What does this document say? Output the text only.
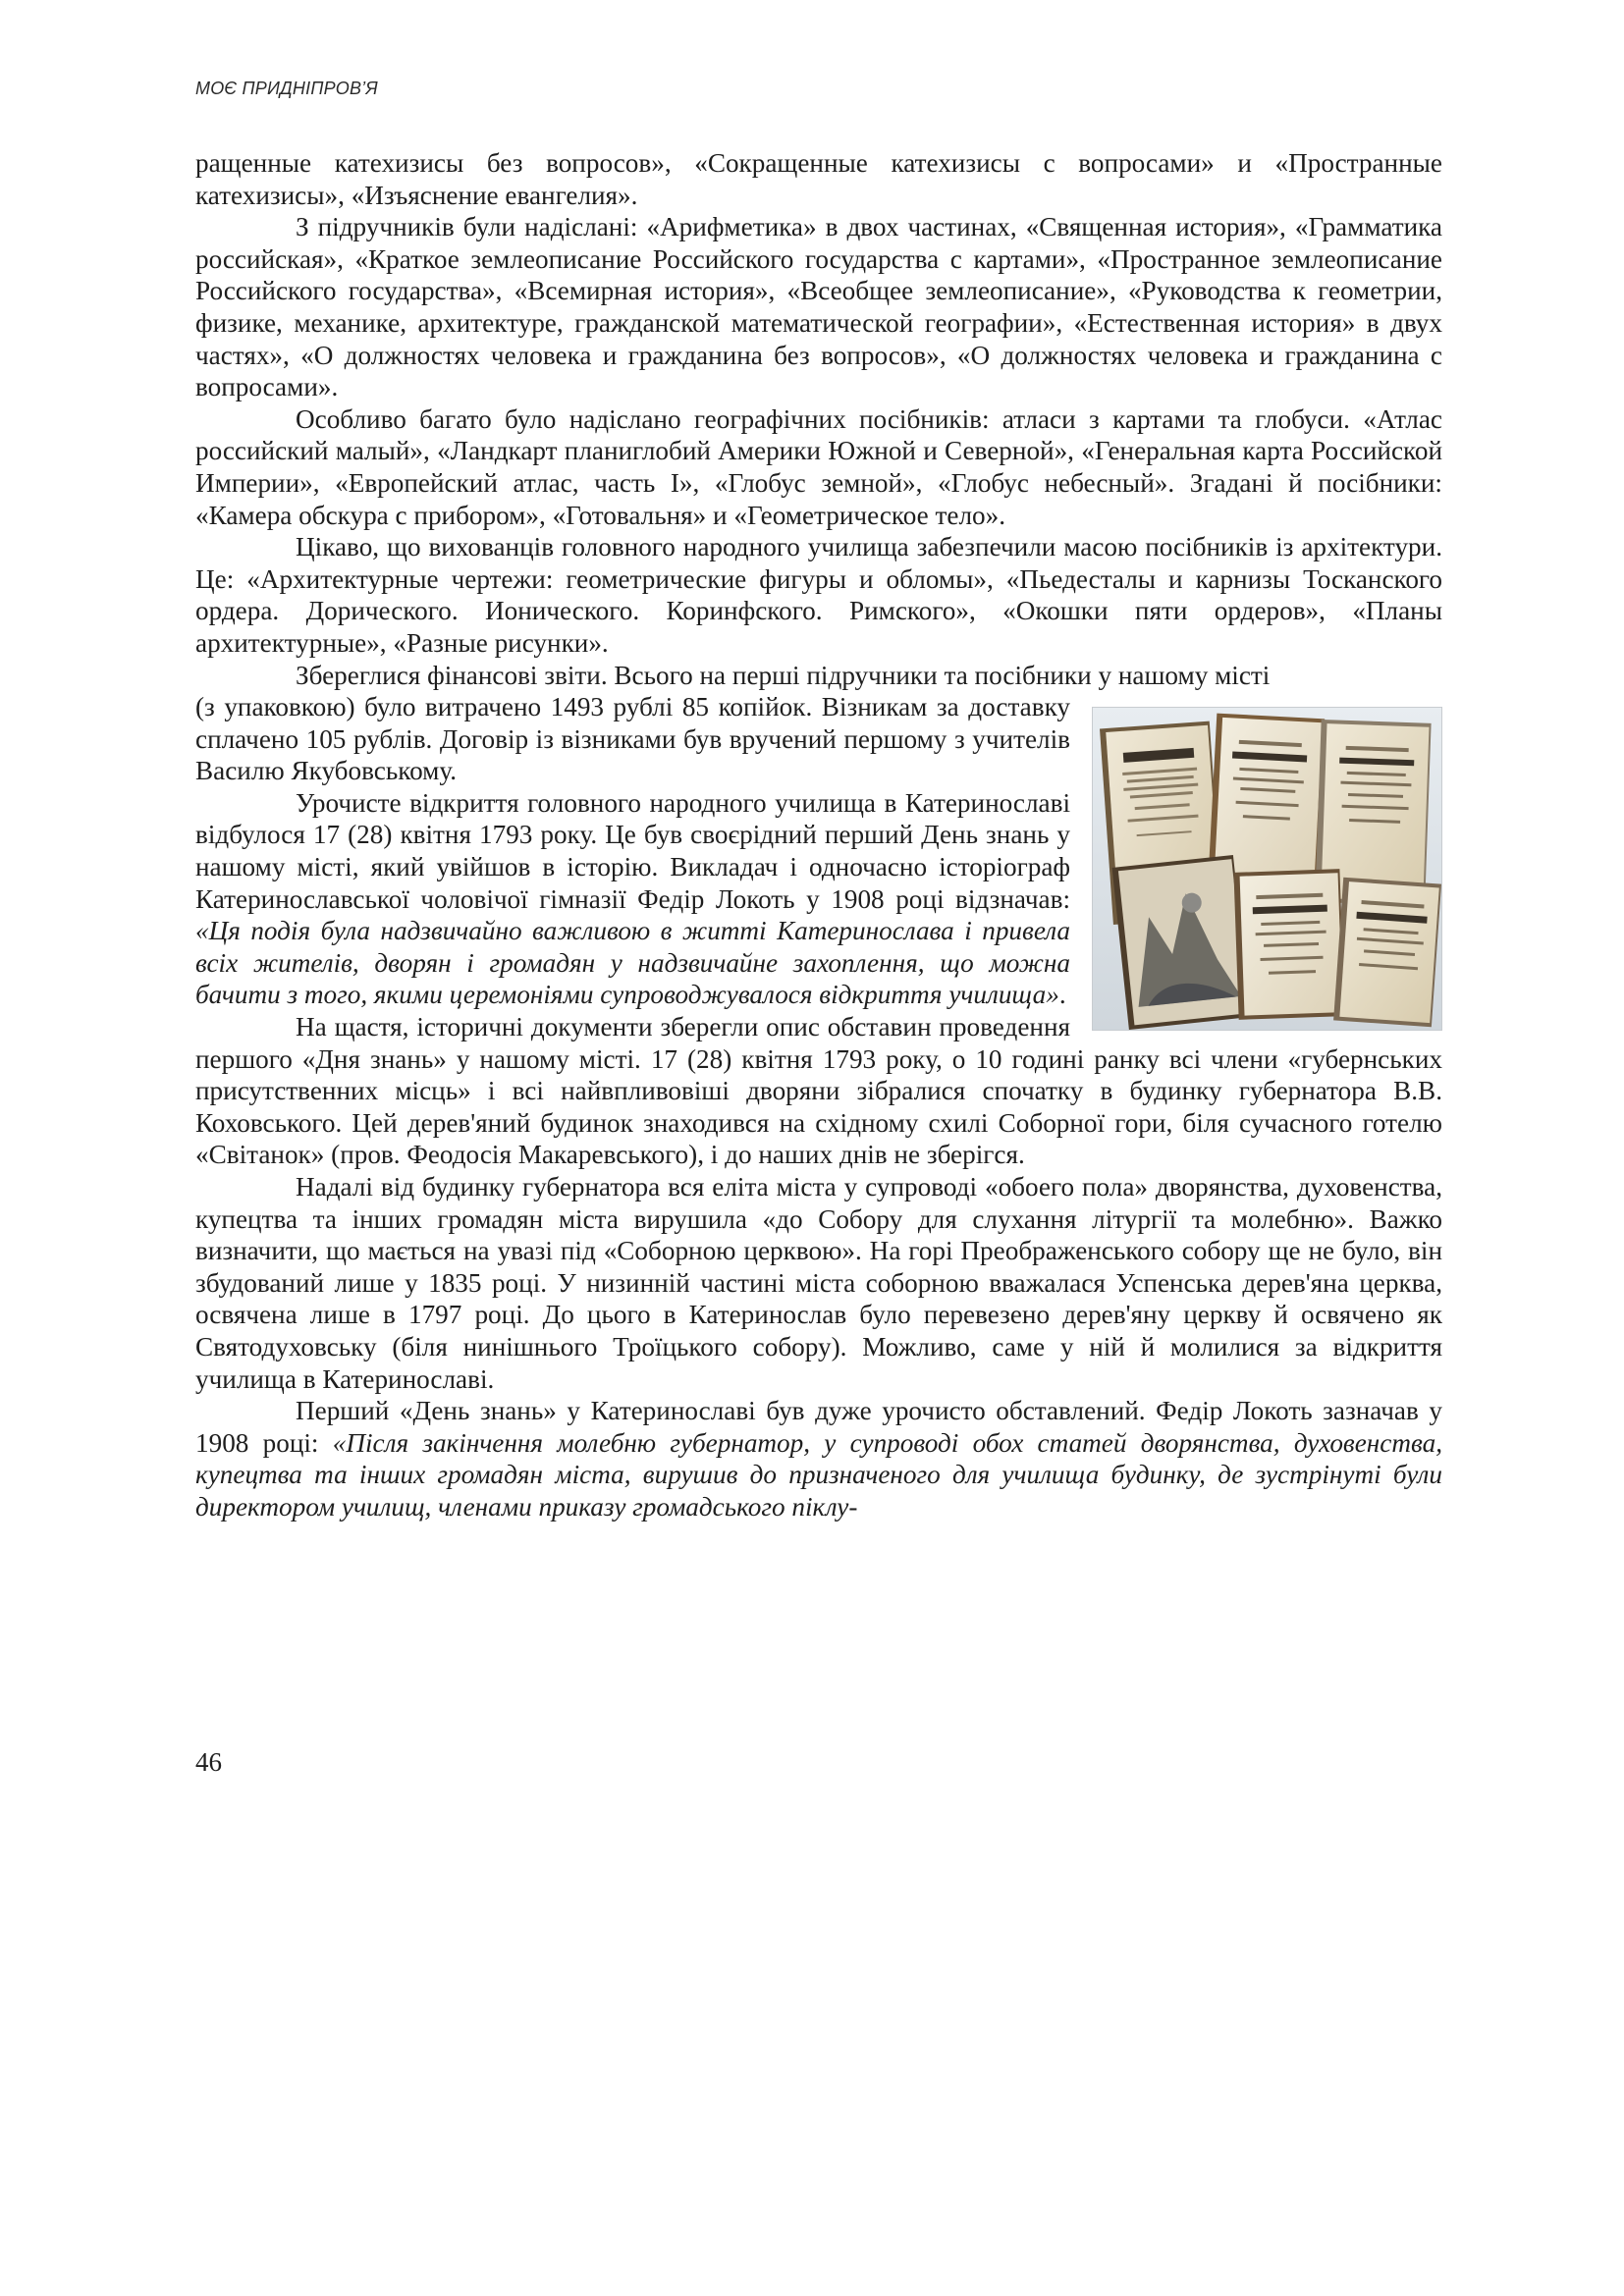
МОЄ ПРИДНІПРОВ’Я

ращенные катехизисы без вопросов», «Сокращенные катехизисы с вопросами» и «Пространные катехизисы», «Изъяснение евангелия».

З підручників були надіслані: «Арифметика» в двох частинах, «Священная история», «Грамматика российская», «Краткое землеописание Российского государства с картами», «Пространное землеописание Российского государства», «Всемирная история», «Всеобщее землеописание», «Руководства к геометрии, физике, механике, архитектуре, гражданской математической географии», «Естественная история» в двух частях», «О должностях человека и гражданина без вопросов», «О должностях человека и гражданина с вопросами».

Особливо багато було надіслано географічних посібників: атласи з картами та глобуси. «Атлас российский малый», «Ландкарт планиглобий Америки Южной и Северной», «Генеральная карта Российской Империи», «Европейский атлас, часть I», «Глобус земной», «Глобус небесный». Згадані й посібники: «Камера обскура с прибором», «Готовальня» и «Геометрическое тело».

Цікаво, що вихованців головного народного училища забезпечили масою посібників із архітектури. Це: «Архитектурные чертежи: геометрические фигуры и обломы», «Пьедесталы и карнизы Тосканского ордера. Дорического. Ионического. Коринфского. Римского», «Окошки пяти ордеров», «Планы архитектурные», «Разные рисунки».

Збереглися фінансові звіти. Всього на перші підручники та посібники у нашому місті

(з упаковкою) було витрачено 1493 рублі 85 копійок. Візникам за доставку сплачено 105 рублів. Договір із візниками був вручений першому з учителів Василю Якубовському.

Урочисте відкриття головного народного училища в Катеринославі відбулося 17 (28) квітня 1793 року. Це був своєрідний перший День знань у нашому місті, який увійшов в історію. Викладач і одночасно історіограф Катеринославської чоловічої гімназії Федір Локоть у 1908 році відзначав: «Ця подія була надзвичайно важливою в житті Катеринослава і привела всіх жителів, дворян і громадян у надзвичайне захоплення, що можна бачити з того, якими церемоніями супроводжувалося відкриття училища».

На щастя, історичні документи зберегли опис обставин проведення першого «Дня знань» у нашому місті. 17 (28) квітня 1793 року, о 10 годині ранку всі члени «губернських присутственних місць» і всі найвпливовіші дворяни зібралися спочатку в будинку губернатора В.В. Коховського. Цей дерев'яний будинок знаходився на східному схилі Соборної гори, біля сучасного готелю «Світанок» (пров. Феодосія Макаревського), і до наших днів не зберігся.

Надалі від будинку губернатора вся еліта міста у супроводі «обоего пола» дворянства, духовенства, купецтва та інших громадян міста вирушила «до Собору для слухання літургії та молебню». Важко визначити, що мається на увазі під «Соборною церквою». На горі Преображенського собору ще не було, він збудований лише у 1835 році. У низинній частині міста соборною вважалася Успенська дерев'яна церква, освячена лише в 1797 році. До цього в Катеринослав було перевезено дерев'яну церкву й освячено як Святодуховську (біля нинішнього Троїцького собору). Можливо, саме у ній й молилися за відкриття училища в Катеринославі.

Перший «День знань» у Катеринославі був дуже урочисто обставлений. Федір Локоть зазначав у 1908 році: «Після закінчення молебню губернатор, у супроводі обох статей дворянства, духовенства, купецтва та інших громадян міста, вирушив до призначеного для училища будинку, де зустрінуті були директором училищ, членами приказу громадського піклу-

46
